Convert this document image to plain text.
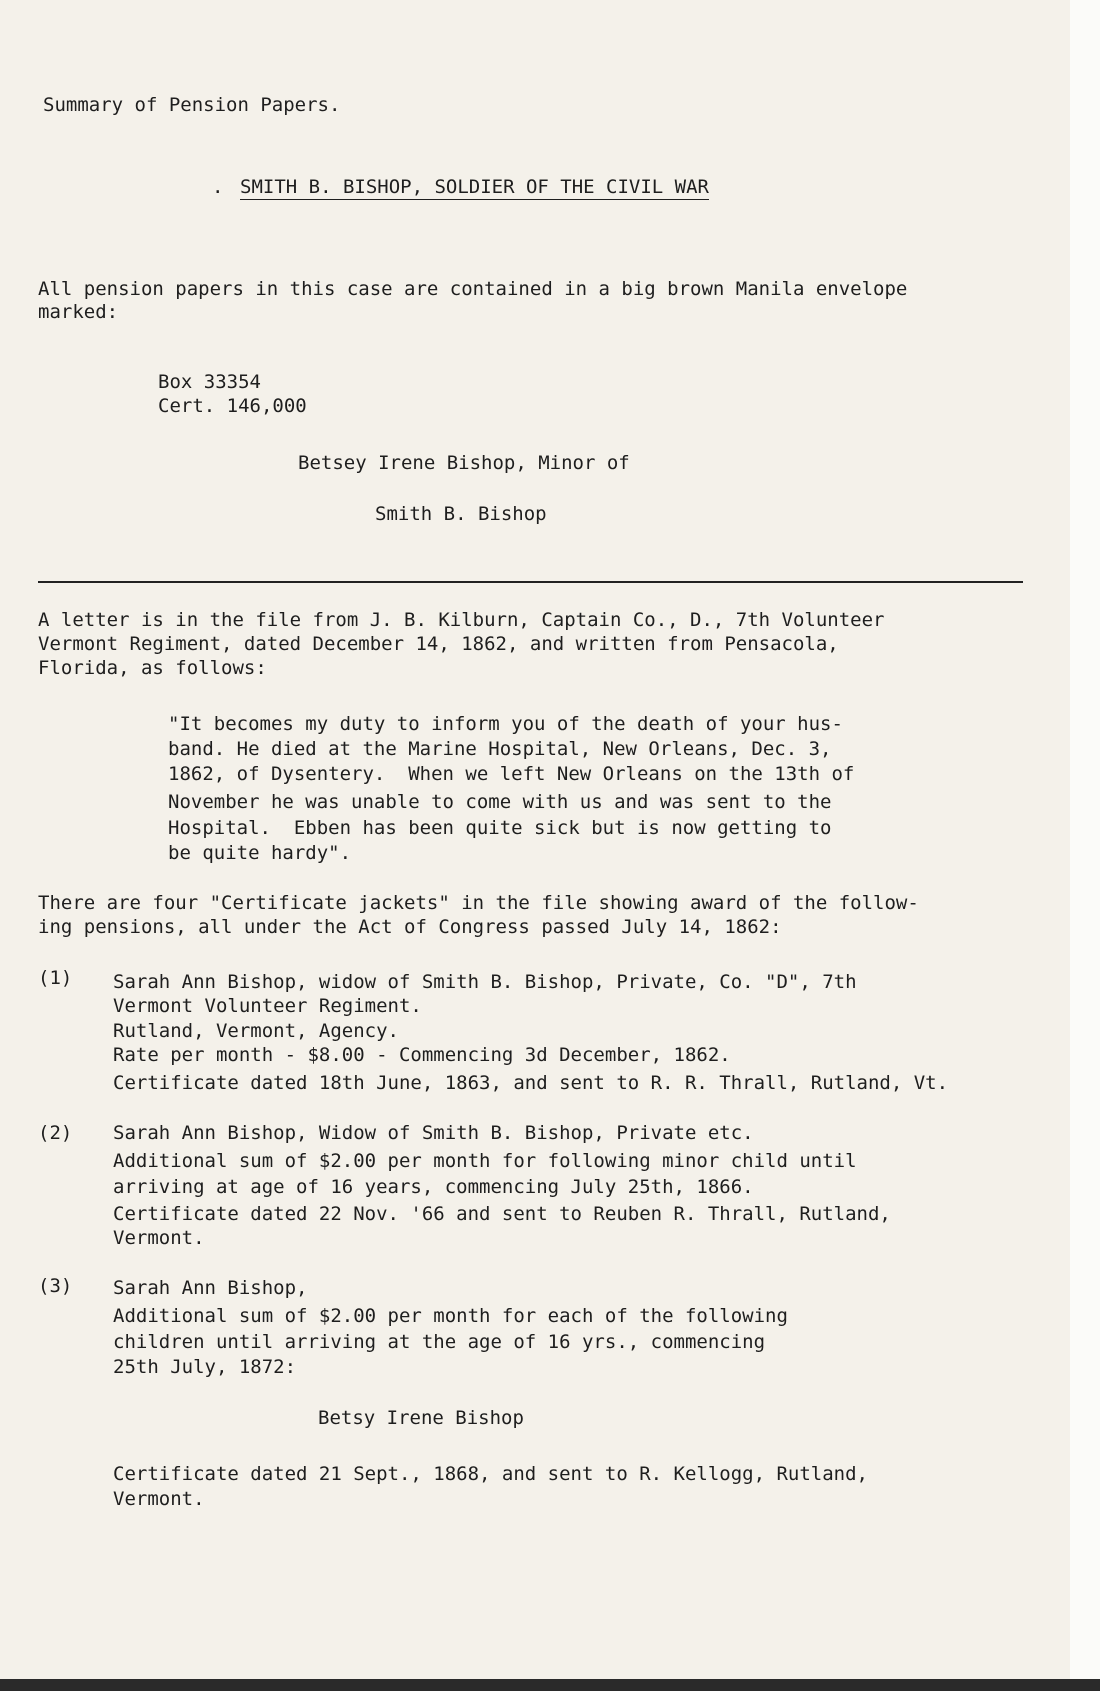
Summary of Pension Papers.

. SMITH B. BISHOP, SOLDIER OF THE CIVIL WAR

All pension papers in this case are contained in a big brown Manila envelope

marked:

Box 33354

Cert. 146,000

Betsey Irene Bishop, Minor of

Smith B. Bishop

A letter is in the file from J. B. Kilburn, Captain Co., D., 7th Volunteer

Vermont Regiment, dated December 14, 1862, and written from Pensacola,

Florida, as follows:

"It becomes my duty to inform you of the death of your hus-

band. He died at the Marine Hospital, New Orleans, Dec. 3,

1862, of Dysentery.  When we left New Orleans on the 13th of

November he was unable to come with us and was sent to the

Hospital.  Ebben has been quite sick but is now getting to

be quite hardy".

There are four "Certificate jackets" in the file showing award of the follow-

ing pensions, all under the Act of Congress passed July 14, 1862:

(1) Sarah Ann Bishop, widow of Smith B. Bishop, Private, Co. "D", 7th

Vermont Volunteer Regiment.

Rutland, Vermont, Agency.

Rate per month - $8.00 - Commencing 3d December, 1862.

Certificate dated 18th June, 1863, and sent to R. R. Thrall, Rutland, Vt.

(2) Sarah Ann Bishop, Widow of Smith B. Bishop, Private etc.

Additional sum of $2.00 per month for following minor child until

arriving at age of 16 years, commencing July 25th, 1866.

Certificate dated 22 Nov. '66 and sent to Reuben R. Thrall, Rutland,

Vermont.

(3) Sarah Ann Bishop,

Additional sum of $2.00 per month for each of the following

children until arriving at the age of 16 yrs., commencing

25th July, 1872:

Betsy Irene Bishop

Certificate dated 21 Sept., 1868, and sent to R. Kellogg, Rutland,

Vermont.
